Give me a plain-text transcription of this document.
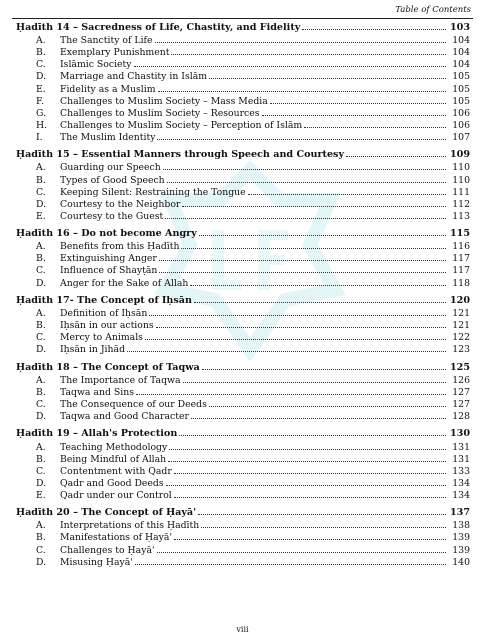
Table of Contents
Ḥadīth 14 – Sacredness of Life, Chastity, and Fidelity	103
A.	The Sanctity of Life	104
B.	Exemplary Punishment	104
C.	Islāmic Society	104
D.	Marriage and Chastity in Islām	105
E.	Fidelity as a Muslim	105
F.	Challenges to Muslim Society – Mass Media	105
G.	Challenges to Muslim Society – Resources	106
H.	Challenges to Muslim Society – Perception of Islām	106
I.	The Muslim Identity	107
Ḥadīth 15 – Essential Manners through Speech and Courtesy	109
A.	Guarding our Speech	110
B.	Types of Good Speech	110
C.	Keeping Silent: Restraining the Tongue	111
D.	Courtesy to the Neighbor	112
E.	Courtesy to the Guest	113
Ḥadīth 16 – Do not become Angry	115
A.	Benefits from this Ḥadīth	116
B.	Extinguishing Anger	117
C.	Influence of Shayṭān	117
D.	Anger for the Sake of Allah	118
Ḥadīth 17- The Concept of Iḥsān	120
A.	Definition of Iḥsān	121
B.	Iḥsān in our actions	121
C.	Mercy to Animals	122
D.	Iḥsān in Jihād	123
Ḥadīth 18 – The Concept of Taqwa	125
A.	The Importance of Taqwa	126
B.	Taqwa and Sins	127
C.	The Consequence of our Deeds	127
D.	Taqwa and Good Character	128
Ḥadīth 19 – Allah's Protection	130
A.	Teaching Methodology	131
B.	Being Mindful of Allah	131
C.	Contentment with Qadr	133
D.	Qadr and Good Deeds	134
E.	Qadr under our Control	134
Ḥadīth 20 – The Concept of Ḥayā'	137
A.	Interpretations of this Ḥadīth	138
B.	Manifestations of Ḥayā'	139
C.	Challenges to Ḥayā'	139
D.	Misusing Ḥayā'	140
viii
